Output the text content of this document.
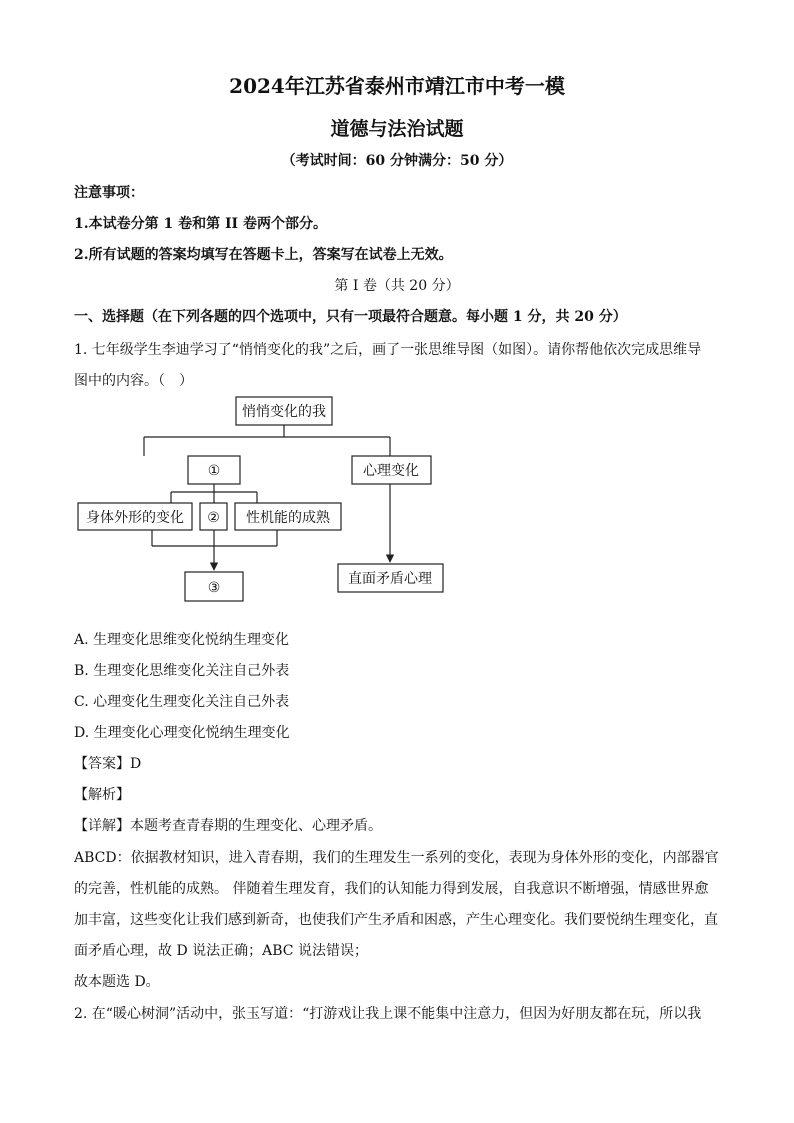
2024年江苏省泰州市靖江市中考一模
道德与法治试题
（考试时间：60 分钟满分：50 分）
注意事项：
1.本试卷分第 1 卷和第 II 卷两个部分。
2.所有试题的答案均填写在答题卡上，答案写在试卷上无效。
第 I 卷（共 20 分）
一、选择题（在下列各题的四个选项中，只有一项最符合题意。每小题 1 分，共 20 分）
1. 七年级学生李迪学习了“悄悄变化的我”之后，画了一张思维导图（如图）。请你帮他依次完成思维导
图中的内容。（　）
悄悄变化的我
①
身体外形的变化 ② 性机能的成熟
③
心理变化
直面矛盾心理
A. 生理变化思维变化悦纳生理变化
B. 生理变化思维变化关注自己外表
C. 心理变化生理变化关注自己外表
D. 生理变化心理变化悦纳生理变化
【答案】D
【解析】
【详解】本题考查青春期的生理变化、心理矛盾。
ABCD：依据教材知识，进入青春期，我们的生理发生一系列的变化，表现为身体外形的变化，内部器官
的完善，性机能的成熟。 伴随着生理发育，我们的认知能力得到发展，自我意识不断增强，情感世界愈
加丰富，这些变化让我们感到新奇，也使我们产生矛盾和困惑，产生心理变化。我们要悦纳生理变化，直
面矛盾心理，故 D 说法正确；ABC 说法错误；
故本题选 D。
2. 在“暖心树洞”活动中，张玉写道：“打游戏让我上课不能集中注意力，但因为好朋友都在玩，所以我
